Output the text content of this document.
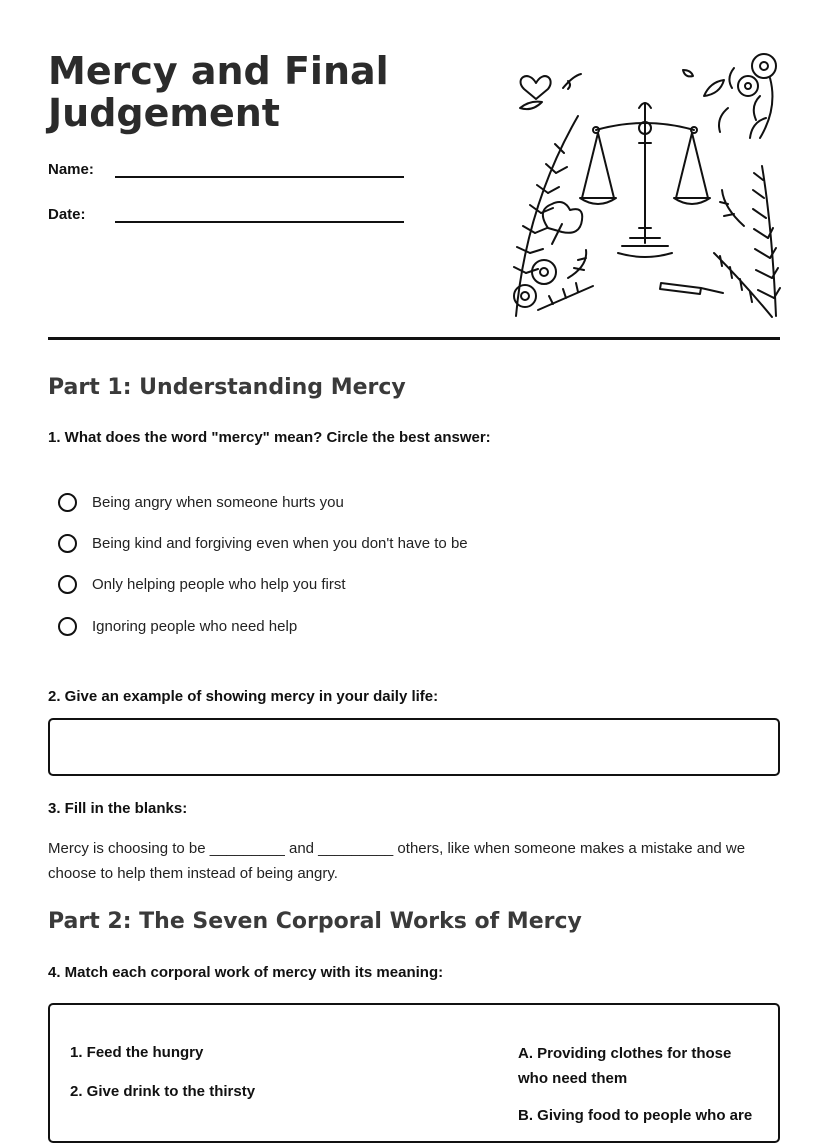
Mercy and Final Judgement
Name:
Date:
Part 1: Understanding Mercy

1. What does the word "mercy" mean? Circle the best answer:

Being angry when someone hurts you
Being kind and forgiving even when you don't have to be
Only helping people who help you first
Ignoring people who need help

2. Give an example of showing mercy in your daily life:

3. Fill in the blanks:

Mercy is choosing to be _________ and _________ others, like when someone makes a mistake and we choose to help them instead of being angry.

Part 2: The Seven Corporal Works of Mercy

4. Match each corporal work of mercy with its meaning:

1. Feed the hungry
2. Give drink to the thirsty
A. Providing clothes for those who need them
B. Giving food to people who are
